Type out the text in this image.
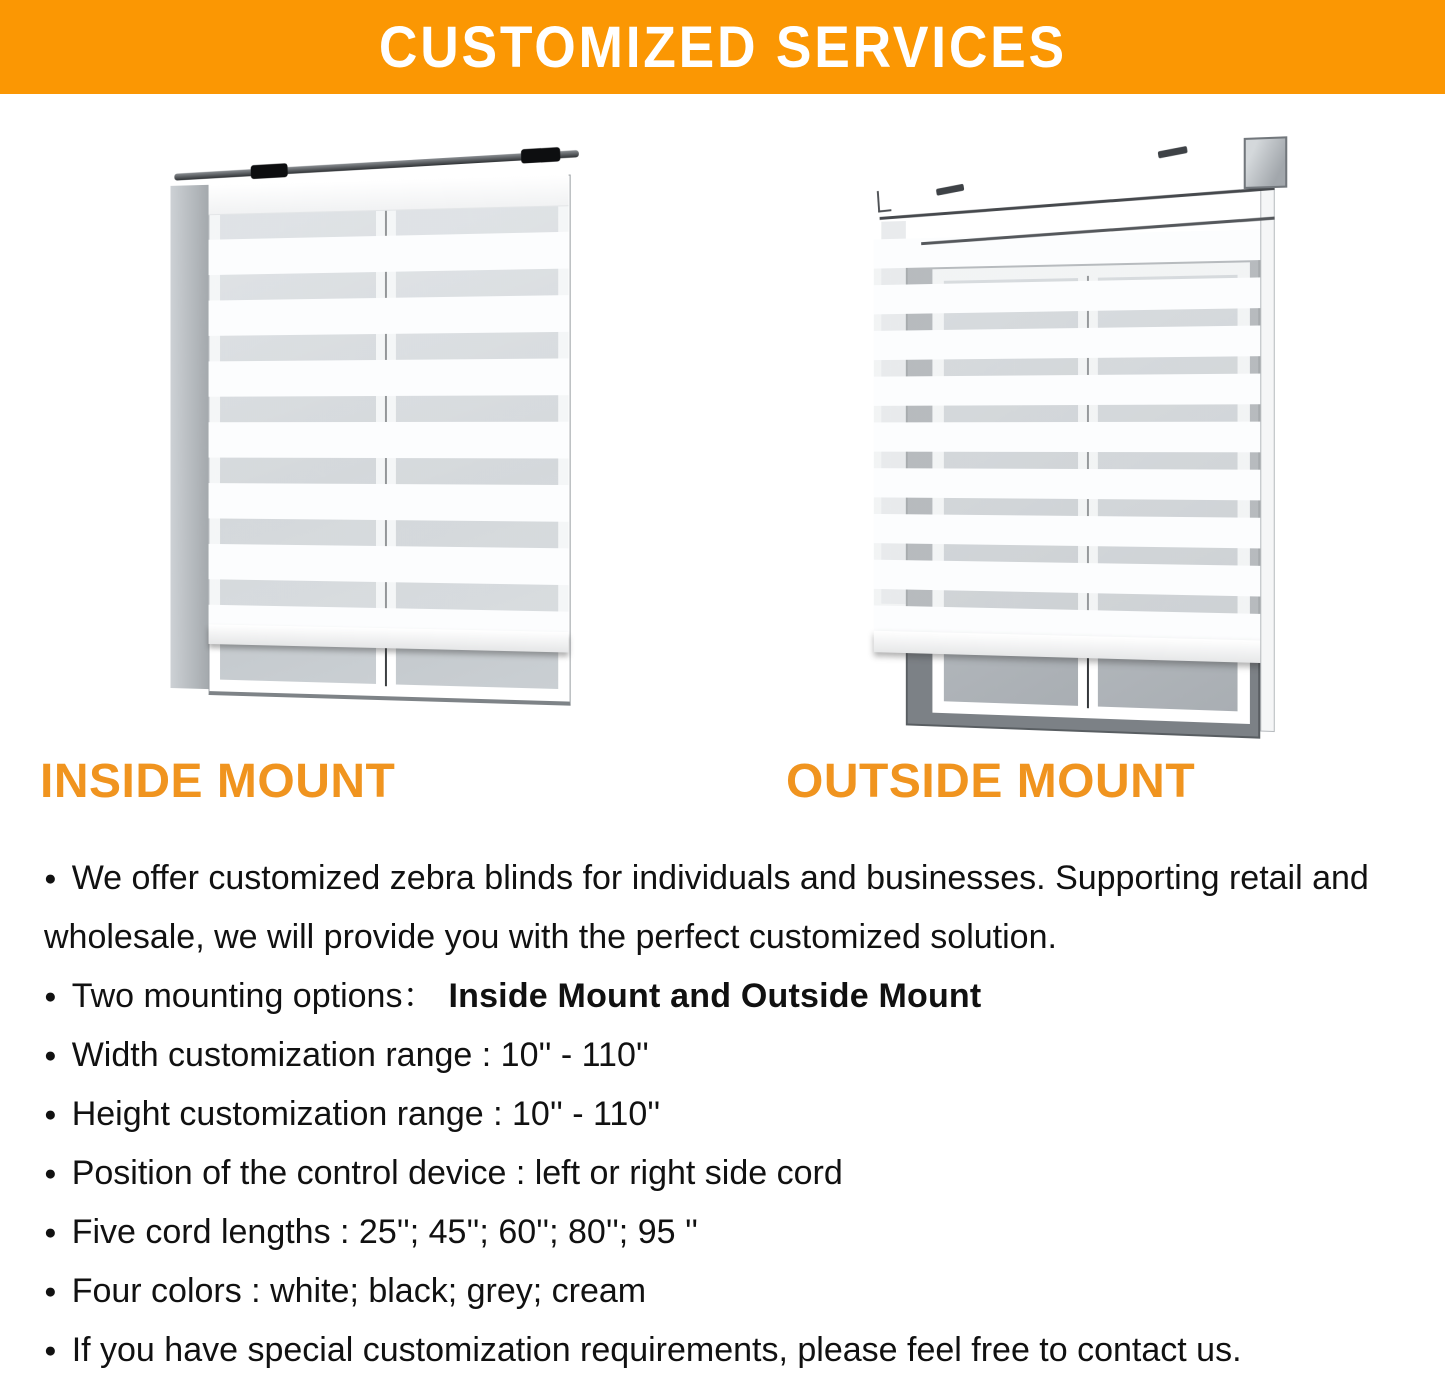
CUSTOMIZED SERVICES
INSIDE MOUNT	OUTSIDE MOUNT
● We offer customized zebra blinds for individuals and businesses. Supporting retail and wholesale, we will provide you with the perfect customized solution.
● Two mounting options： Inside Mount and Outside Mount
● Width customization range : 10'' - 110''
● Height customization range : 10'' - 110''
● Position of the control device : left or right side cord
● Five cord lengths : 25''; 45''; 60''; 80''; 95 ''
● Four colors : white; black; grey; cream
● If you have special customization requirements, please feel free to contact us.
